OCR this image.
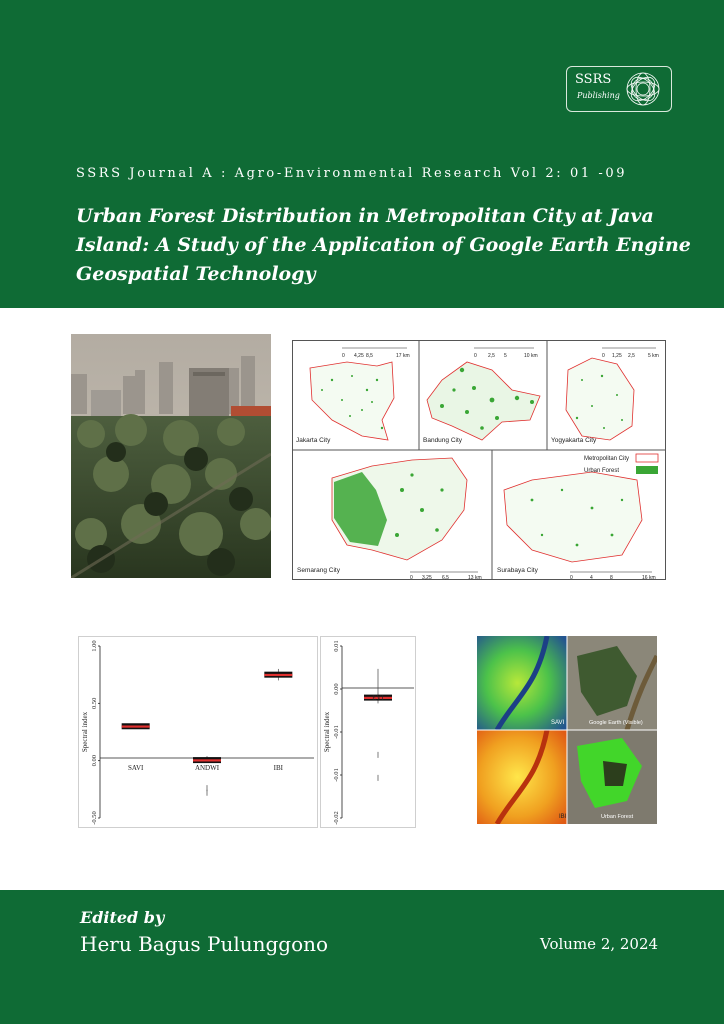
SSRS
Publishing
SSRS Journal A : Agro-Environmental Research Vol 2: 01 -09
Urban Forest Distribution in Metropolitan City at Java Island: A Study of the Application of Google Earth Engine Geospatial Technology
Jakarta City	Bandung City	Yogyakarta City
Semarang City	Surabaya City
Metropolitan City
Urban Forest
0 4,25 8,5	17 km	0 2,5 5	10 km	0 1,25 2,5	5 km
0 3,25 6,5	13 km	0	4	8	16 km
Spectral index
1.00
0.50
0.00
-0.50
SAVI	ANDWI	IBI
Spectral index
0.01
0.00
-0.01
-0.01
-0.02
EVI
SAVI	Google Earth (Visible)
IBI	Urban Forest
Edited by
Heru Bagus Pulunggono	Volume 2, 2024
